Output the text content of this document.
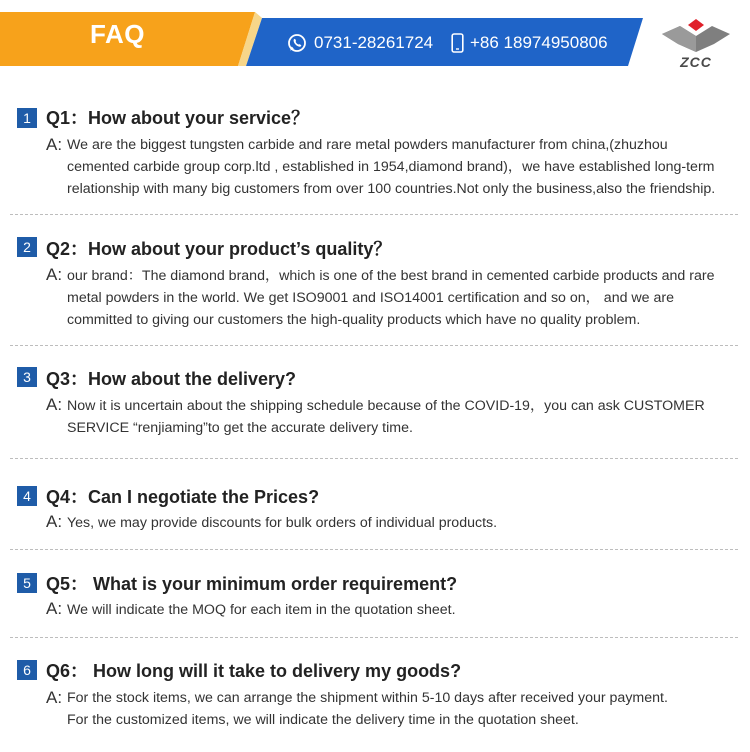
FAQ	0731-28261724 +86 18974950806
ZCC
1 Q1：How about your service？
A: We are the biggest tungsten carbide and rare metal powders manufacturer from china,(zhuzhou
cemented carbide group corp.ltd , established in 1954,diamond brand)，we have established long-term
relationship with many big customers from over 100 countries.Not only the business,also the friendship.
2 Q2：How about your product’s quality？
A: our brand：The diamond brand，which is one of the best brand in cemented carbide products and rare
metal powders in the world. We get ISO9001 and ISO14001 certification and so on， and we are
committed to giving our customers the high-quality products which have no quality problem.
3 Q3：How about the delivery?
A: Now it is uncertain about the shipping schedule because of the COVID-19，you can ask CUSTOMER
SERVICE “renjiaming”to get the accurate delivery time.
4 Q4：Can I negotiate the Prices?
A: Yes, we may provide discounts for bulk orders of individual products.
5 Q5： What is your minimum order requirement?
A: We will indicate the MOQ for each item in the quotation sheet.
6 Q6： How long will it take to delivery my goods?
A: For the stock items, we can arrange the shipment within 5-10 days after received your payment.
For the customized items, we will indicate the delivery time in the quotation sheet.
